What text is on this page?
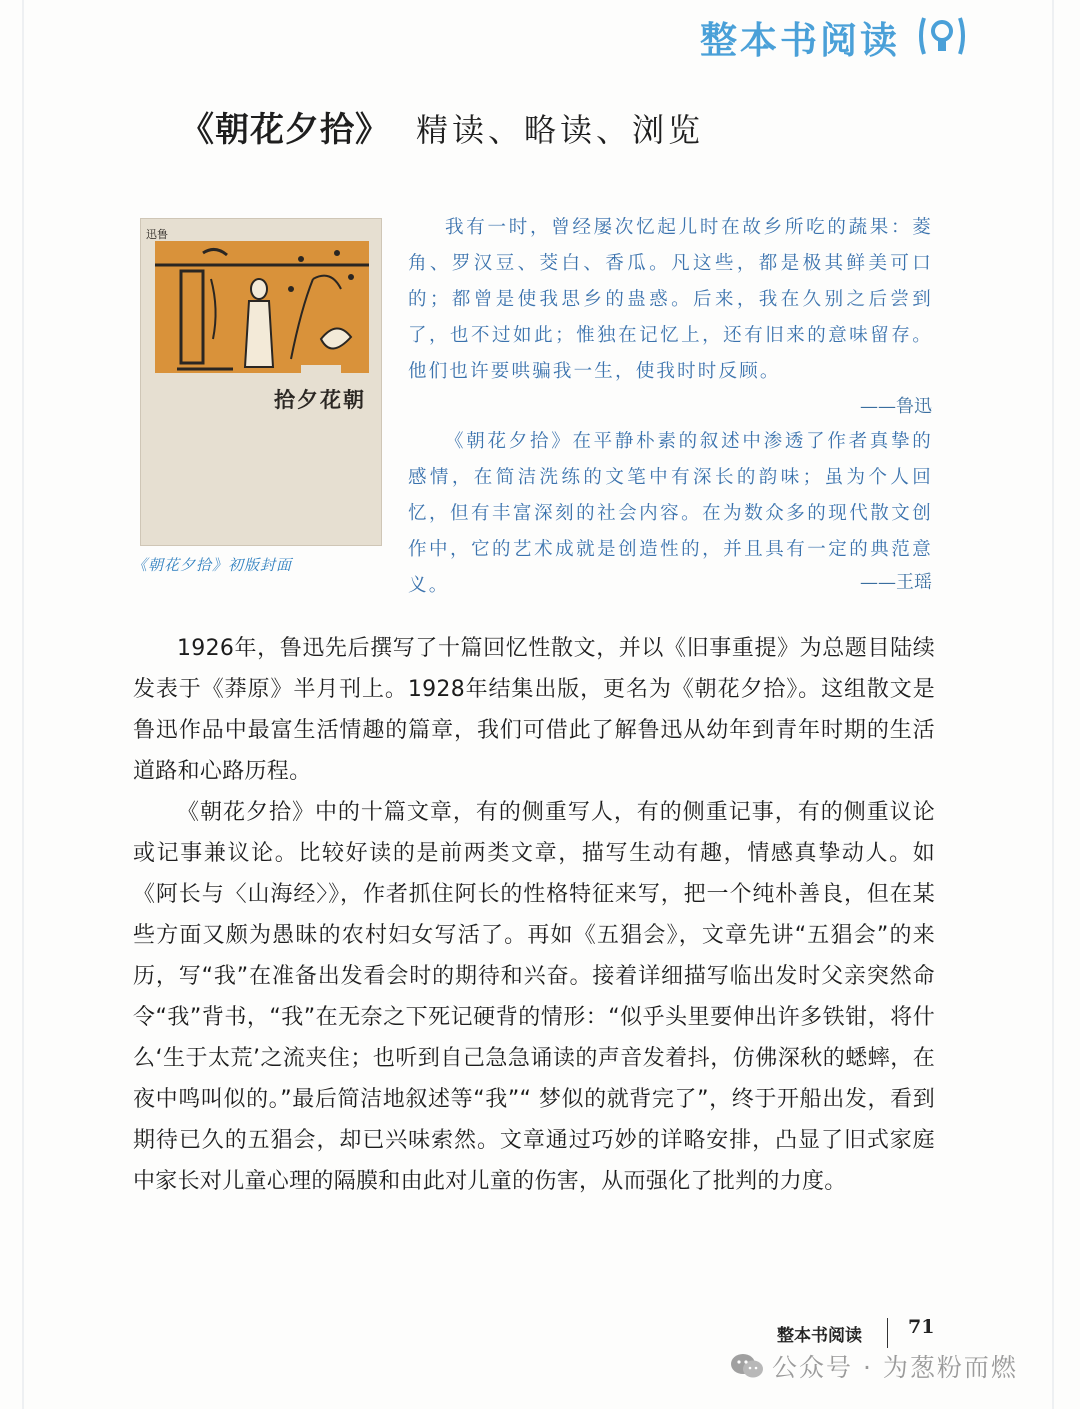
整本书阅读
《朝花夕拾》 精读、略读、浏览
迅鲁
拾夕花朝
《朝花夕拾》初版封面

我有一时，曾经屡次忆起儿时在故乡所吃的蔬果：菱角、罗汉豆、茭白、香瓜。凡这些，都是极其鲜美可口的；都曾是使我思乡的蛊惑。后来，我在久别之后尝到了，也不过如此；惟独在记忆上，还有旧来的意味留存。他们也许要哄骗我一生，使我时时反顾。

——鲁迅

《朝花夕拾》在平静朴素的叙述中渗透了作者真挚的感情，在简洁洗练的文笔中有深长的韵味；虽为个人回忆，但有丰富深刻的社会内容。在为数众多的现代散文创作中，它的艺术成就是创造性的，并且具有一定的典范意义。	——王瑶

1926年，鲁迅先后撰写了十篇回忆性散文，并以《旧事重提》为总题目陆续发表于《莽原》半月刊上。1928年结集出版，更名为《朝花夕拾》。这组散文是鲁迅作品中最富生活情趣的篇章，我们可借此了解鲁迅从幼年到青年时期的生活道路和心路历程。

《朝花夕拾》中的十篇文章，有的侧重写人，有的侧重记事，有的侧重议论或记事兼议论。比较好读的是前两类文章，描写生动有趣，情感真挚动人。如《阿长与〈山海经〉》，作者抓住阿长的性格特征来写，把一个纯朴善良，但在某些方面又颇为愚昧的农村妇女写活了。再如《五猖会》，文章先讲“五猖会”的来历，写“我”在准备出发看会时的期待和兴奋。接着详细描写临出发时父亲突然命令“我”背书，“我”在无奈之下死记硬背的情形：“似乎头里要伸出许多铁钳，将什么‘生于太荒’之流夹住；也听到自己急急诵读的声音发着抖，仿佛深秋的蟋蟀，在夜中鸣叫似的。”最后简洁地叙述等“我”“ 梦似的就背完了”，终于开船出发，看到期待已久的五猖会，却已兴味索然。文章通过巧妙的详略安排，凸显了旧式家庭中家长对儿童心理的隔膜和由此对儿童的伤害，从而强化了批判的力度。

整本书阅读 71
公众号 · 为葱粉而燃
